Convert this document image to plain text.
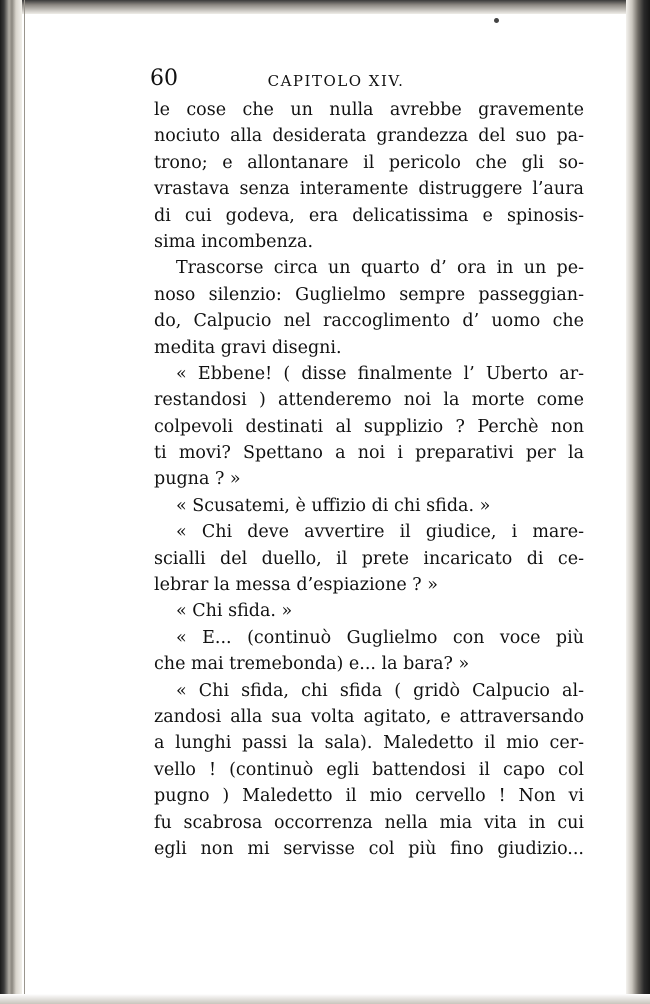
60	CAPITOLO XIV.
le cose che un nulla avrebbe gravemente
nociuto alla desiderata grandezza del suo pa-
trono; e allontanare il pericolo che gli so-
vrastava senza interamente distruggere l’aura
di cui godeva, era delicatissima e spinosis-
sima incombenza.
Trascorse circa un quarto d’ ora in un pe-
noso silenzio: Guglielmo sempre passeggian-
do, Calpucio nel raccoglimento d’ uomo che
medita gravi disegni.
« Ebbene! ( disse finalmente l’ Uberto ar-
restandosi ) attenderemo noi la morte come
colpevoli destinati al supplizio ? Perchè non
ti movi? Spettano a noi i preparativi per la
pugna ? »
« Scusatemi, è uffizio di chi sfida. »
« Chi deve avvertire il giudice, i mare-
scialli del duello, il prete incaricato di ce-
lebrar la messa d’espiazione ? »
« Chi sfida. »
« E... (continuò Guglielmo con voce più
che mai tremebonda) e... la bara? »
« Chi sfida, chi sfida ( gridò Calpucio al-
zandosi alla sua volta agitato, e attraversando
a lunghi passi la sala). Maledetto il mio cer-
vello ! (continuò egli battendosi il capo col
pugno ) Maledetto il mio cervello ! Non vi
fu scabrosa occorrenza nella mia vita in cui
egli non mi servisse col più fino giudizio...
